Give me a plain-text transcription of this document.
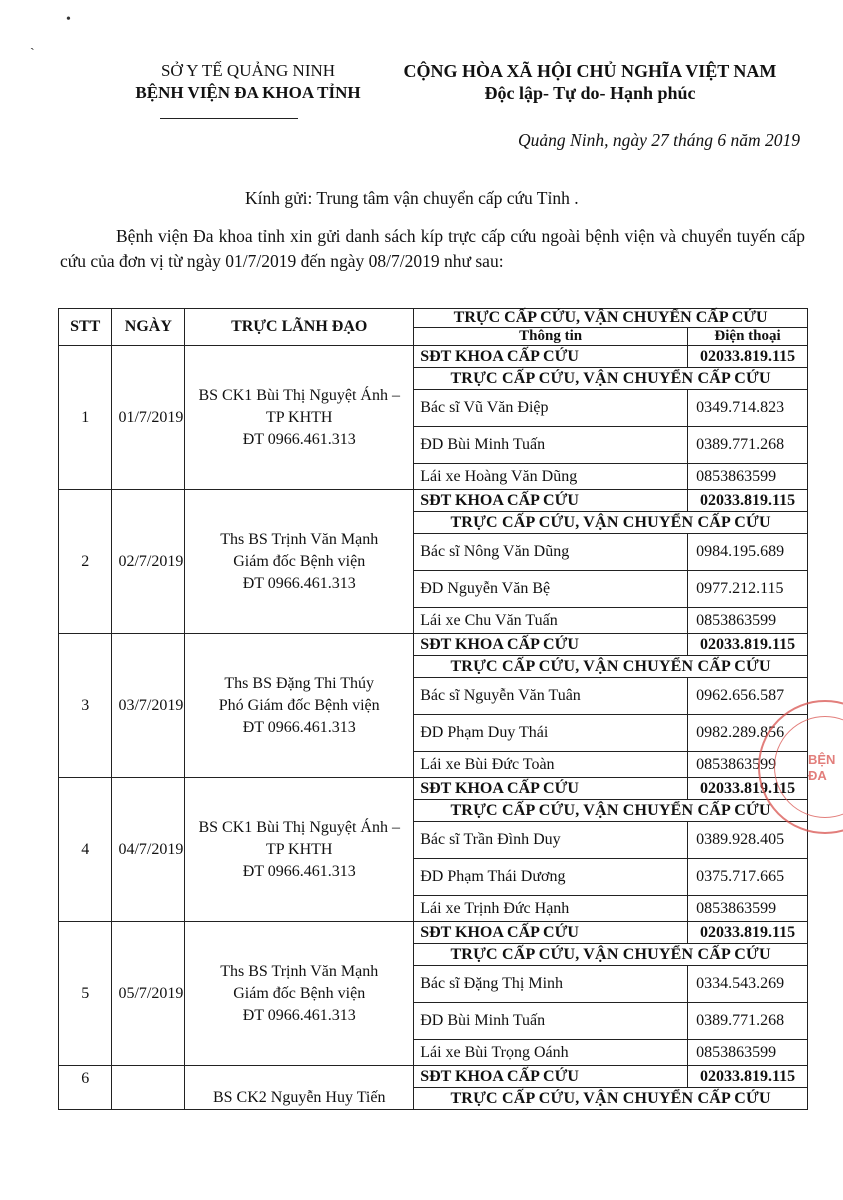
SỞ Y TẾ QUẢNG NINH
BỆNH VIỆN ĐA KHOA TỈNH
CỘNG HÒA XÃ HỘI CHỦ NGHĨA VIỆT NAM
Độc lập- Tự do- Hạnh phúc
Quảng Ninh, ngày 27 tháng 6 năm 2019
Kính gửi: Trung tâm vận chuyển cấp cứu Tỉnh .
Bệnh viện Đa khoa tỉnh xin gửi danh sách kíp trực cấp cứu ngoài bệnh viện và chuyển tuyến cấp cứu của đơn vị từ ngày 01/7/2019 đến ngày 08/7/2019 như sau:
•
ˏ
STT	NGÀY	TRỰC LÃNH ĐẠO	TRỰC CẤP CỨU, VẬN CHUYỂN CẤP CỨU	
			Thông tin	Điện thoại
1	01/7/2019	BS CK1 Bùi Thị Nguyệt Ánh –
TP KHTH
ĐT 0966.461.313	SĐT KHOA CẤP CỨU	02033.819.115
			TRỰC CẤP CỨU, VẬN CHUYỂN CẤP CỨU	
			Bác sĩ Vũ Văn Điệp	0349.714.823
			ĐD Bùi Minh Tuấn	0389.771.268
			Lái xe Hoàng Văn Dũng	0853863599
2	02/7/2019	Ths BS Trịnh Văn Mạnh
Giám đốc Bệnh viện
ĐT 0966.461.313	SĐT KHOA CẤP CỨU	02033.819.115
			TRỰC CẤP CỨU, VẬN CHUYỂN CẤP CỨU	
			Bác sĩ Nông Văn Dũng	0984.195.689
			ĐD Nguyễn Văn Bệ	0977.212.115
			Lái xe Chu Văn Tuấn	0853863599
3	03/7/2019	Ths BS Đặng Thi Thúy
Phó Giám đốc Bệnh viện
ĐT 0966.461.313	SĐT KHOA CẤP CỨU	02033.819.115
			TRỰC CẤP CỨU, VẬN CHUYỂN CẤP CỨU	
			Bác sĩ Nguyễn Văn Tuân	0962.656.587
			ĐD Phạm Duy Thái	0982.289.856
			Lái xe Bùi Đức Toàn	0853863599
4	04/7/2019	BS CK1 Bùi Thị Nguyệt Ánh –
TP KHTH
ĐT 0966.461.313	SĐT KHOA CẤP CỨU	02033.819.115
			TRỰC CẤP CỨU, VẬN CHUYỂN CẤP CỨU	
			Bác sĩ Trần Đình Duy	0389.928.405
			ĐD Phạm Thái Dương	0375.717.665
			Lái xe Trịnh Đức Hạnh	0853863599
5	05/7/2019	Ths BS Trịnh Văn Mạnh
Giám đốc Bệnh viện
ĐT 0966.461.313	SĐT KHOA CẤP CỨU	02033.819.115
			TRỰC CẤP CỨU, VẬN CHUYỂN CẤP CỨU	
			Bác sĩ Đặng Thị Minh	0334.543.269
			ĐD Bùi Minh Tuấn	0389.771.268
			Lái xe Bùi Trọng Oánh	0853863599
6		BS CK2 Nguyễn Huy Tiến	SĐT KHOA CẤP CỨU	02033.819.115
			TRỰC CẤP CỨU, VẬN CHUYỂN CẤP CỨU	
BỆN
ĐA
